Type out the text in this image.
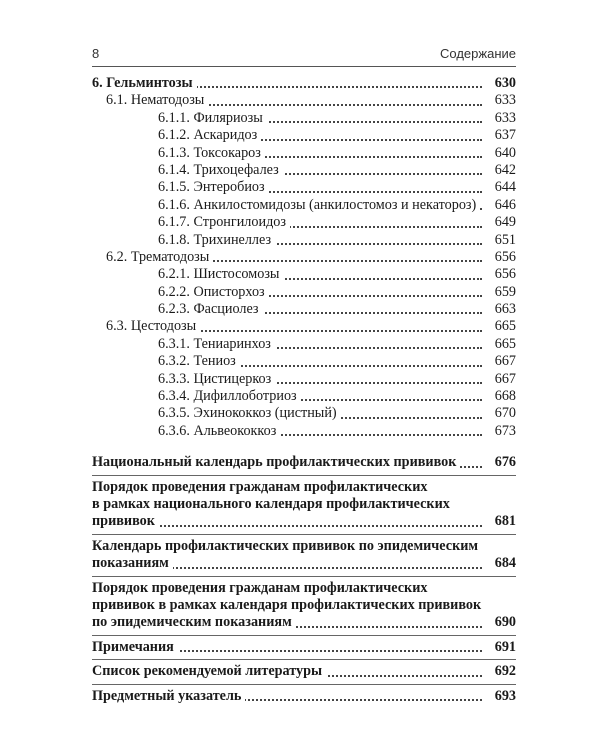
8	Содержание
6. Гельминтозы	630
6.1. Нематодозы	633
6.1.1. Филяриозы	633
6.1.2. Аскаридоз	637
6.1.3. Токсокароз	640
6.1.4. Трихоцефалез	642
6.1.5. Энтеробиоз	644
6.1.6. Анкилостомидозы (анкилостомоз и некатороз) 646
6.1.7. Стронгилоидоз	649
6.1.8. Трихинеллез	651
6.2. Трематодозы	656
6.2.1. Шистосомозы	656
6.2.2. Описторхоз	659
6.2.3. Фасциолез	663
6.3. Цестодозы	665
6.3.1. Тениаринхоз	665
6.3.2. Тениоз	667
6.3.3. Цистицеркоз	667
6.3.4. Дифиллоботриоз	668
6.3.5. Эхинококкоз (цистный)	670
6.3.6. Альвеококкоз	673
Национальный календарь профилактических прививок	676
Порядок проведения гражданам профилактических
в рамках национального календаря профилактических
прививок	681
Календарь профилактических прививок по эпидемическим
показаниям	684
Порядок проведения гражданам профилактических
прививок в рамках календаря профилактических прививок
по эпидемическим показаниям	690
Примечания	691
Список рекомендуемой литературы	692
Предметный указатель	693
